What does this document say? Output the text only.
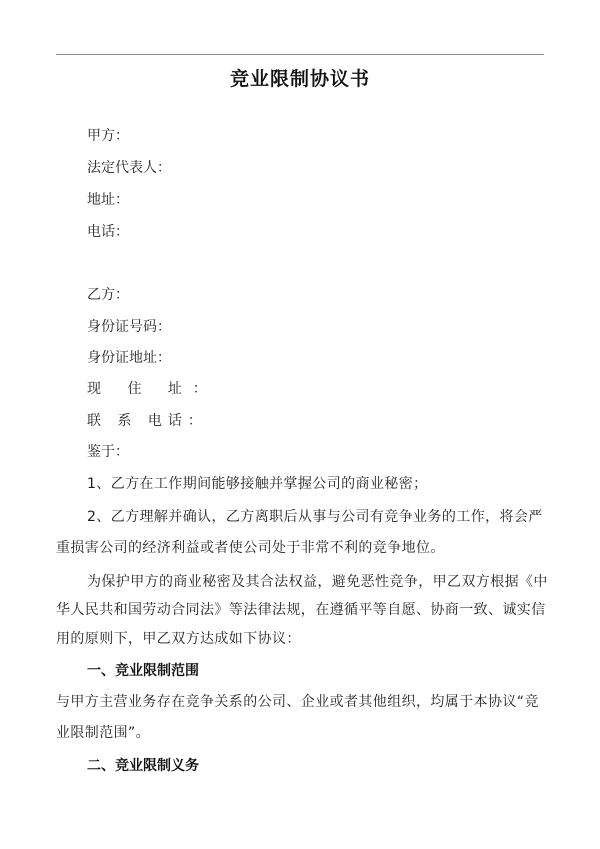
竞业限制协议书
甲方：
法定代表人：
地址：
电话：
乙方：
身份证号码：
身份证地址：
现 住 址：
联 系 电话：
鉴于：
1、乙方在工作期间能够接触并掌握公司的商业秘密；
2、乙方理解并确认，乙方离职后从事与公司有竞争业务的工作，将会严
重损害公司的经济利益或者使公司处于非常不利的竞争地位。
为保护甲方的商业秘密及其合法权益，避免恶性竞争，甲乙双方根据《中
华人民共和国劳动合同法》等法律法规，在遵循平等自愿、协商一致、诚实信
用的原则下，甲乙双方达成如下协议：
一、竞业限制范围
与甲方主营业务存在竞争关系的公司、企业或者其他组织，均属于本协议“竞
业限制范围”。
二、竞业限制义务
